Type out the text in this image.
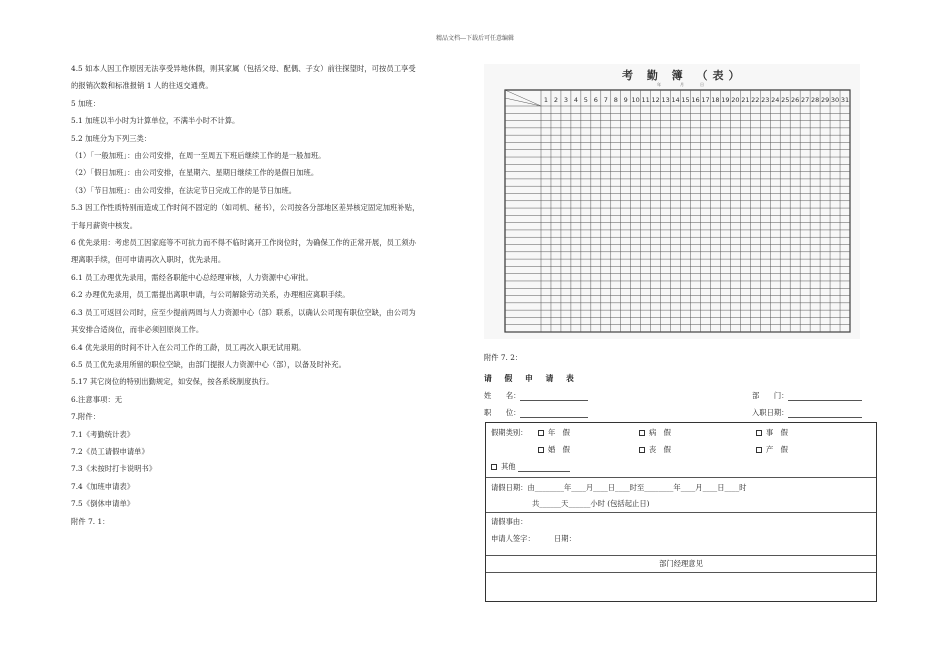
精品文档---下载后可任意编辑

4.5 如本人因工作原因无法享受异地休假，则其家属（包括父母、配偶、子女）前往探望时，可按员工享受

的报销次数和标准报销 1 人的往返交通费。

5 加班：

5.1 加班以半小时为计算单位，不满半小时不计算。

5.2 加班分为下列三类：

（1）「一般加班」：由公司安排，在周一至周五下班后继续工作的是一般加班。

（2）「假日加班」：由公司安排，在星期六、星期日继续工作的是假日加班。

（3）「节日加班」：由公司安排，在法定节日完成工作的是节日加班。

5.3 因工作性质特别而造成工作时间不固定的（如司机、秘书），公司按各分部地区差异核定固定加班补贴，

于每月薪资中核发。

6 优先录用：考虑员工因家庭等不可抗力而不得不临时离开工作岗位时，为确保工作的正常开展，员工须办

理离职手续，但可申请再次入职时，优先录用。

6.1 员工办理优先录用，需经各职能中心总经理审核，人力资源中心审批。

6.2 办理优先录用，员工需提出离职申请，与公司解除劳动关系，办理相应离职手续。

6.3 员工可返回公司时，应至少提前两周与人力资源中心（部）联系，以确认公司现有职位空缺，由公司为

其安排合适岗位，而非必须回原岗工作。

6.4 优先录用的时间不计入在公司工作的工龄，员工再次入职无试用期。

6.5 员工优先录用所留的职位空缺，由部门提报人力资源中心（部），以备及时补充。

5.17 其它岗位的特别出勤规定，如安保，按各系统制度执行。

6.注意事项：无

7.附件：

7.1《考勤统计表》

7.2《员工请假申请单》

7.3《未按时打卡说明书》

7.4《加班申请表》

7.5《倒休申请单》

附件 7. 1：

1 2 3 4 5 6 7 8 9 10 11 12 13 14 15 16 17 18 19 20 21 22 23 24 25 26 27 28 29 30 31
考 勤 簿 （表）
年	月	日
附件 7. 2：
请 假 申 请 表
姓　　名：	部　　门：
职　　位：	入职日期：
假期类别：	年　假	病　假	事　假
婚　假	丧　假	产　假
其他
请假日期：由________年____月____日____时至________年____月____日____时
共______天______小时 (包括起止日)
请假事由：
申请人签字：	日期：
部门经理意见
